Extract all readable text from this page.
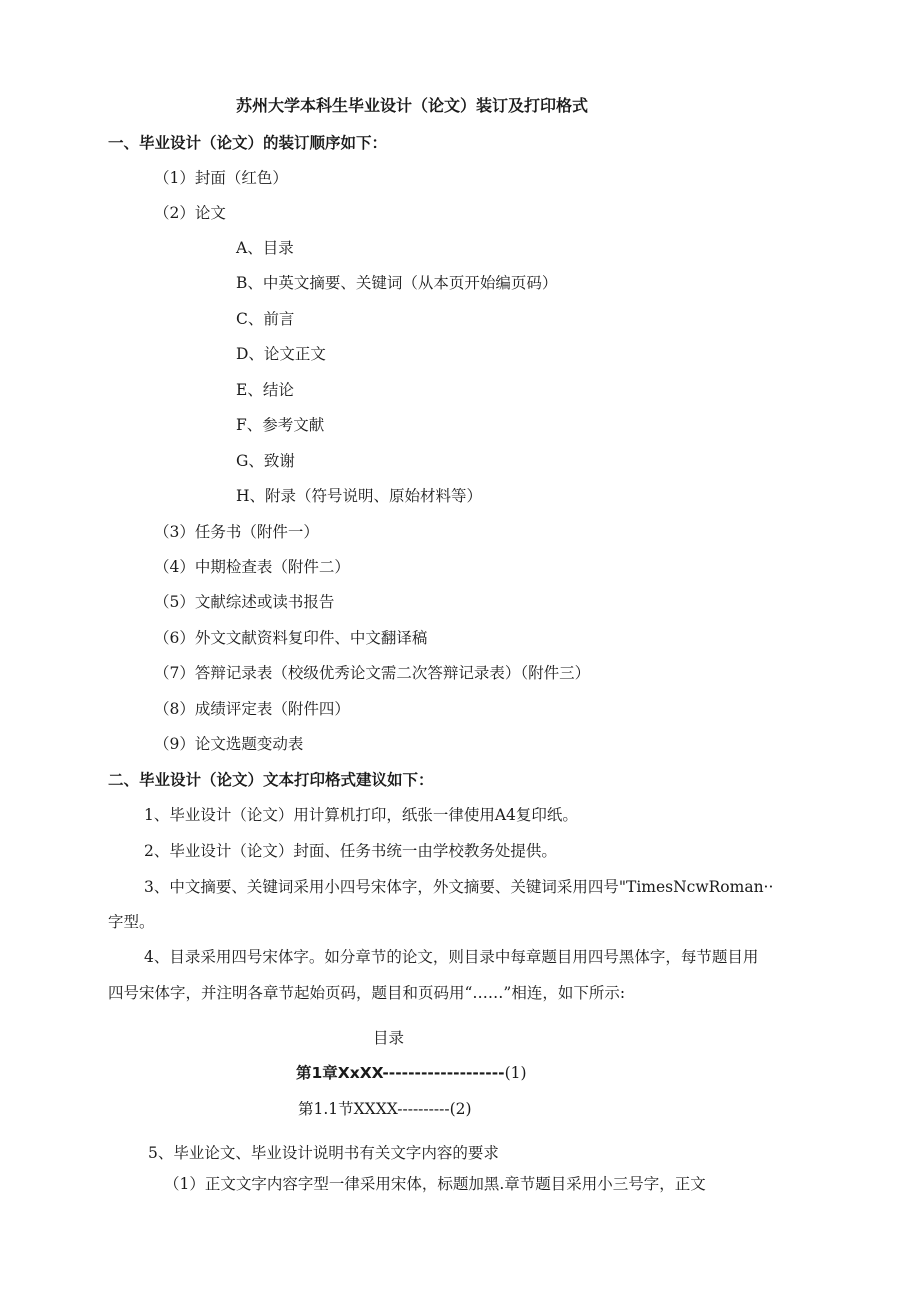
苏州大学本科生毕业设计（论文）装订及打印格式
一、毕业设计（论文）的装订顺序如下：
（1）封面（红色）
（2）论文
A、目录
B、中英文摘要、关键词（从本页开始编页码）
C、前言
D、论文正文
E、结论
F、参考文献
G、致谢
H、附录（符号说明、原始材料等）
（3）任务书（附件一）
（4）中期检查表（附件二）
（5）文献综述或读书报告
（6）外文文献资料复印件、中文翻译稿
（7）答辩记录表（校级优秀论文需二次答辩记录表）（附件三）
（8）成绩评定表（附件四）
（9）论文选题变动表
二、毕业设计（论文）文本打印格式建议如下：
1、毕业设计（论文）用计算机打印，纸张一律使用A4复印纸。
2、毕业设计（论文）封面、任务书统一由学校教务处提供。
3、中文摘要、关键词采用小四号宋体字，外文摘要、关键词采用四号"TimesNcwRoman··
字型。
4、目录采用四号宋体字。如分章节的论文，则目录中每章题目用四号黑体字，每节题目用
四号宋体字，并注明各章节起始页码，题目和页码用“……”相连，如下所示:
目录
第1章XxXX-------------------(1)
第1.1节XXXX----------(2)
5、毕业论文、毕业设计说明书有关文字内容的要求
（1）正文文字内容字型一律采用宋体，标题加黑.章节题目采用小三号字，正文
